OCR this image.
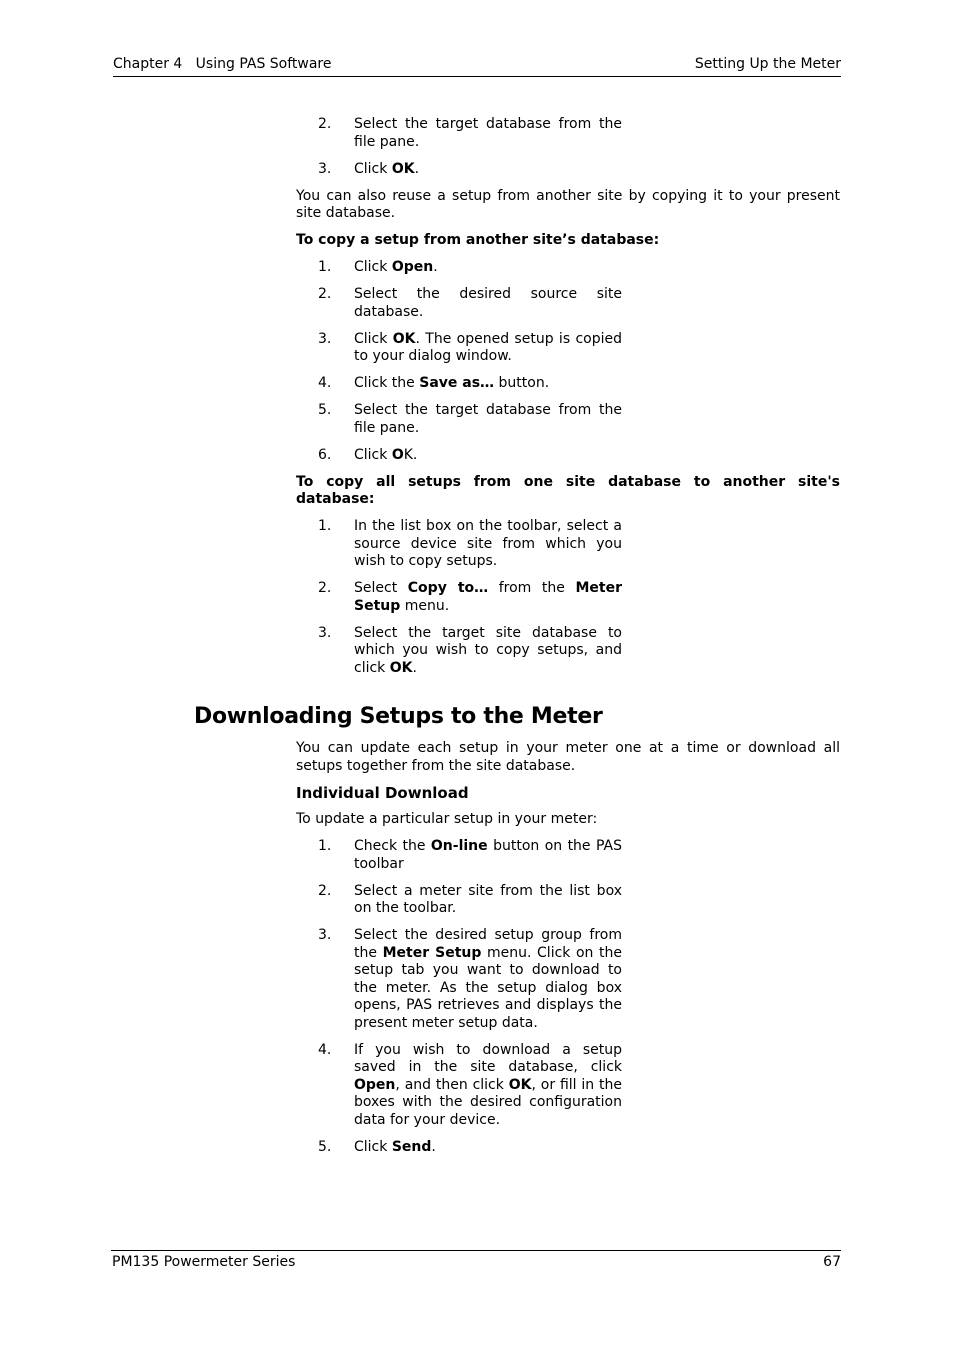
Chapter 4   Using PAS Software	Setting Up the Meter
2. Select the target database from the file pane.
3. Click OK.

You can also reuse a setup from another site by copying it to your present site database.

To copy a setup from another site’s database:

1. Click Open.
2. Select the desired source site database.
3. Click OK. The opened setup is copied to your dialog window.
4. Click the Save as… button.
5. Select the target database from the file pane.
6. Click OK.

To copy all setups from one site database to another site's database:

1. In the list box on the toolbar, select a source device site from which you wish to copy setups.
2. Select Copy to… from the Meter Setup menu.
3. Select the target site database to which you wish to copy setups, and click OK.
Downloading Setups to the Meter

You can update each setup in your meter one at a time or download all setups together from the site database.

Individual Download

To update a particular setup in your meter:

1. Check the On-line button on the PAS toolbar
2. Select a meter site from the list box on the toolbar.
3. Select the desired setup group from the Meter Setup menu. Click on the setup tab you want to download to the meter. As the setup dialog box opens, PAS retrieves and displays the present meter setup data.
4. If you wish to download a setup saved in the site database, click Open, and then click OK, or fill in the boxes with the desired configuration data for your device.
5. Click Send.
PM135 Powermeter Series	67
